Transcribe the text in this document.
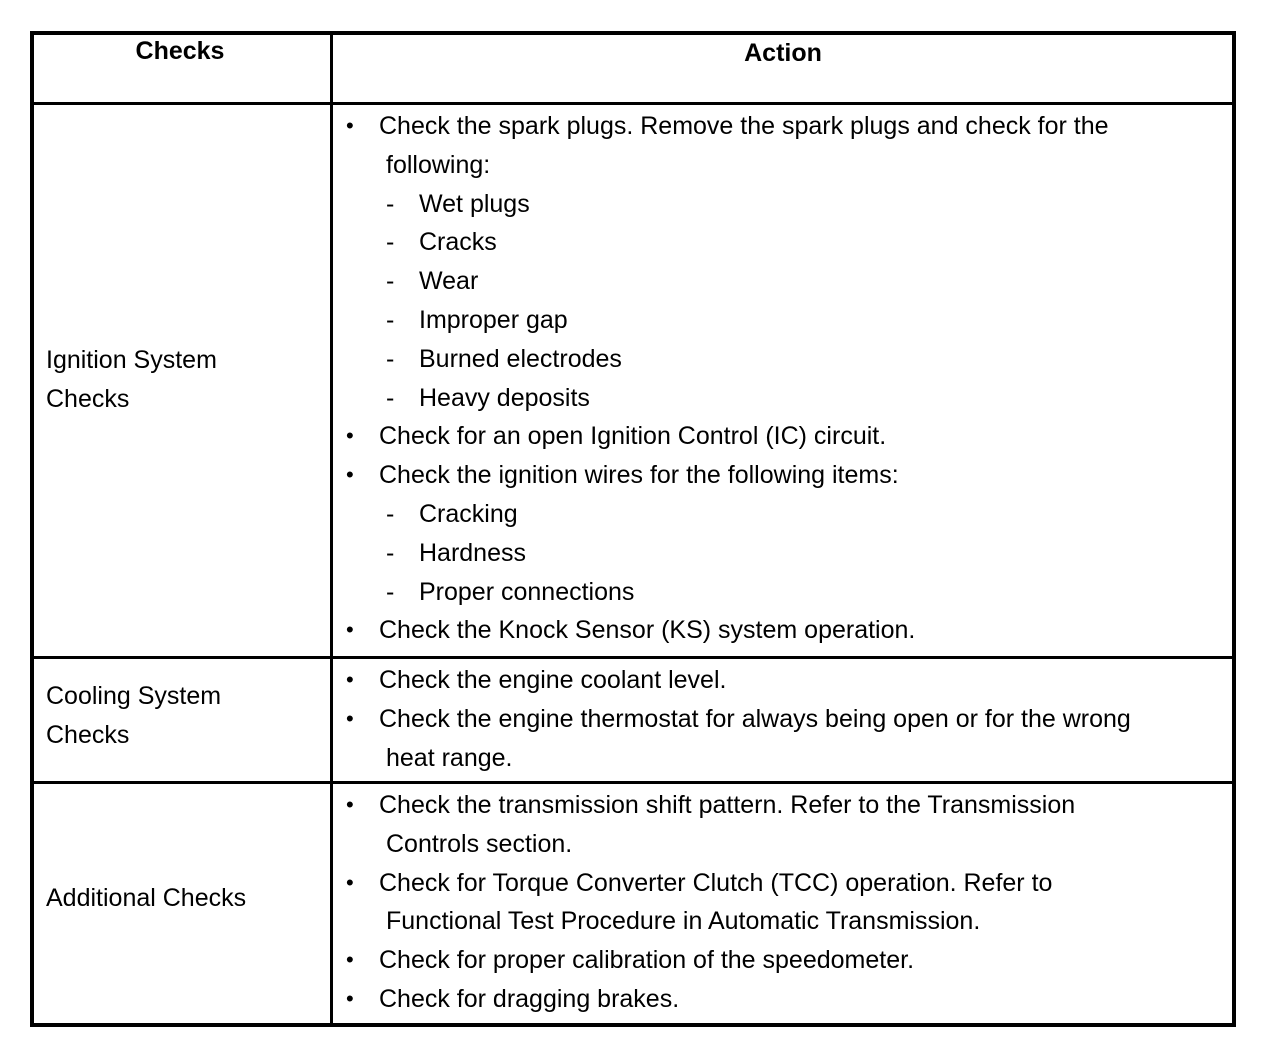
Checks	Action
Ignition System
Checks
• Check the spark plugs. Remove the spark plugs and check for the
following:
- Wet plugs
- Cracks
- Wear
- Improper gap
- Burned electrodes
- Heavy deposits
• Check for an open Ignition Control (IC) circuit.
• Check the ignition wires for the following items:
- Cracking
- Hardness
- Proper connections
• Check the Knock Sensor (KS) system operation.
Cooling System
Checks
• Check the engine coolant level.
• Check the engine thermostat for always being open or for the wrong
heat range.
Additional Checks
• Check the transmission shift pattern. Refer to the Transmission
Controls section.
• Check for Torque Converter Clutch (TCC) operation. Refer to
Functional Test Procedure in Automatic Transmission.
• Check for proper calibration of the speedometer.
• Check for dragging brakes.
